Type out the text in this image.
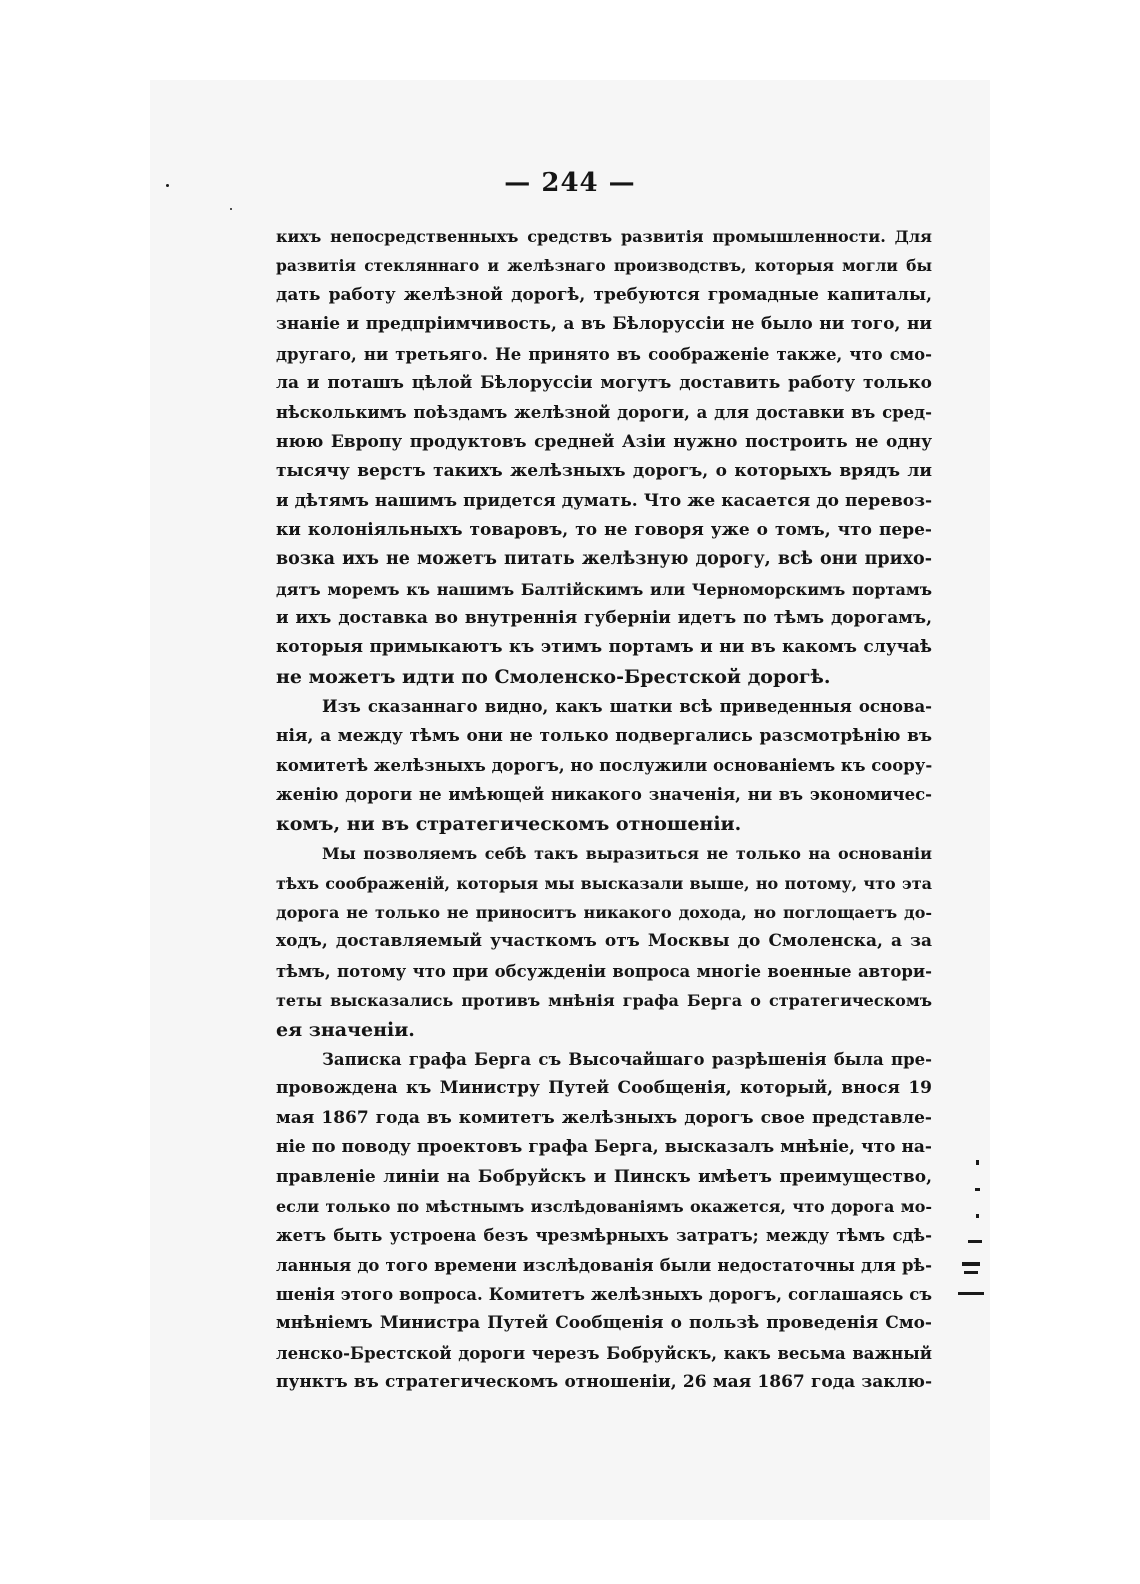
— 244 —
кихъ непосредственныхъ средствъ развитія промышленности. Для
развитія стекляннаго и желѣзнаго производствъ, которыя могли бы
дать работу желѣзной дорогѣ, требуются громадные капиталы,
знаніе и предпріимчивость, а въ Бѣлоруссіи не было ни того, ни
другаго, ни третьяго. Не принято въ соображеніе также, что смо-
ла и поташъ цѣлой Бѣлоруссіи могутъ доставить работу только
нѣсколькимъ поѣздамъ желѣзной дороги, а для доставки въ сред-
нюю Европу продуктовъ средней Азіи нужно построить не одну
тысячу верстъ такихъ желѣзныхъ дорогъ, о которыхъ врядъ ли
и дѣтямъ нашимъ придется думать. Что же касается до перевоз-
ки колоніяльныхъ товаровъ, то не говоря уже о томъ, что пере-
возка ихъ не можетъ питать желѣзную дорогу, всѣ они прихо-
дятъ моремъ къ нашимъ Балтійскимъ или Черноморскимъ портамъ
и ихъ доставка во внутреннія губерніи идетъ по тѣмъ дорогамъ,
которыя примыкаютъ къ этимъ портамъ и ни въ какомъ случаѣ
не можетъ идти по Смоленско-Брестской дорогѣ.
Изъ сказаннаго видно, какъ шатки всѣ приведенныя основа-
нія, а между тѣмъ они не только подвергались разсмотрѣнію въ
комитетѣ желѣзныхъ дорогъ, но послужили основаніемъ къ соору-
женію дороги не имѣющей никакого значенія, ни въ экономичес-
комъ, ни въ стратегическомъ отношеніи.
Мы позволяемъ себѣ такъ выразиться не только на основаніи
тѣхъ соображеній, которыя мы высказали выше, но потому, что эта
дорога не только не приноситъ никакого дохода, но поглощаетъ до-
ходъ, доставляемый участкомъ отъ Москвы до Смоленска, а за
тѣмъ, потому что при обсужденіи вопроса многіе военные автори-
теты высказались противъ мнѣнія графа Берга о стратегическомъ
ея значеніи.
Записка графа Берга съ Высочайшаго разрѣшенія была пре-
провождена къ Министру Путей Сообщенія, который, внося 19
мая 1867 года въ комитетъ желѣзныхъ дорогъ свое представле-
ніе по поводу проектовъ графа Берга, высказалъ мнѣніе, что на-
правленіе линіи на Бобруйскъ и Пинскъ имѣетъ преимущество,
если только по мѣстнымъ изслѣдованіямъ окажется, что дорога мо-
жетъ быть устроена безъ чрезмѣрныхъ затратъ; между тѣмъ сдѣ-
ланныя до того времени изслѣдованія были недостаточны для рѣ-
шенія этого вопроса. Комитетъ желѣзныхъ дорогъ, соглашаясь съ
мнѣніемъ Министра Путей Сообщенія о пользѣ проведенія Смо-
ленско-Брестской дороги черезъ Бобруйскъ, какъ весьма важный
пунктъ въ стратегическомъ отношеніи, 26 мая 1867 года заклю-
